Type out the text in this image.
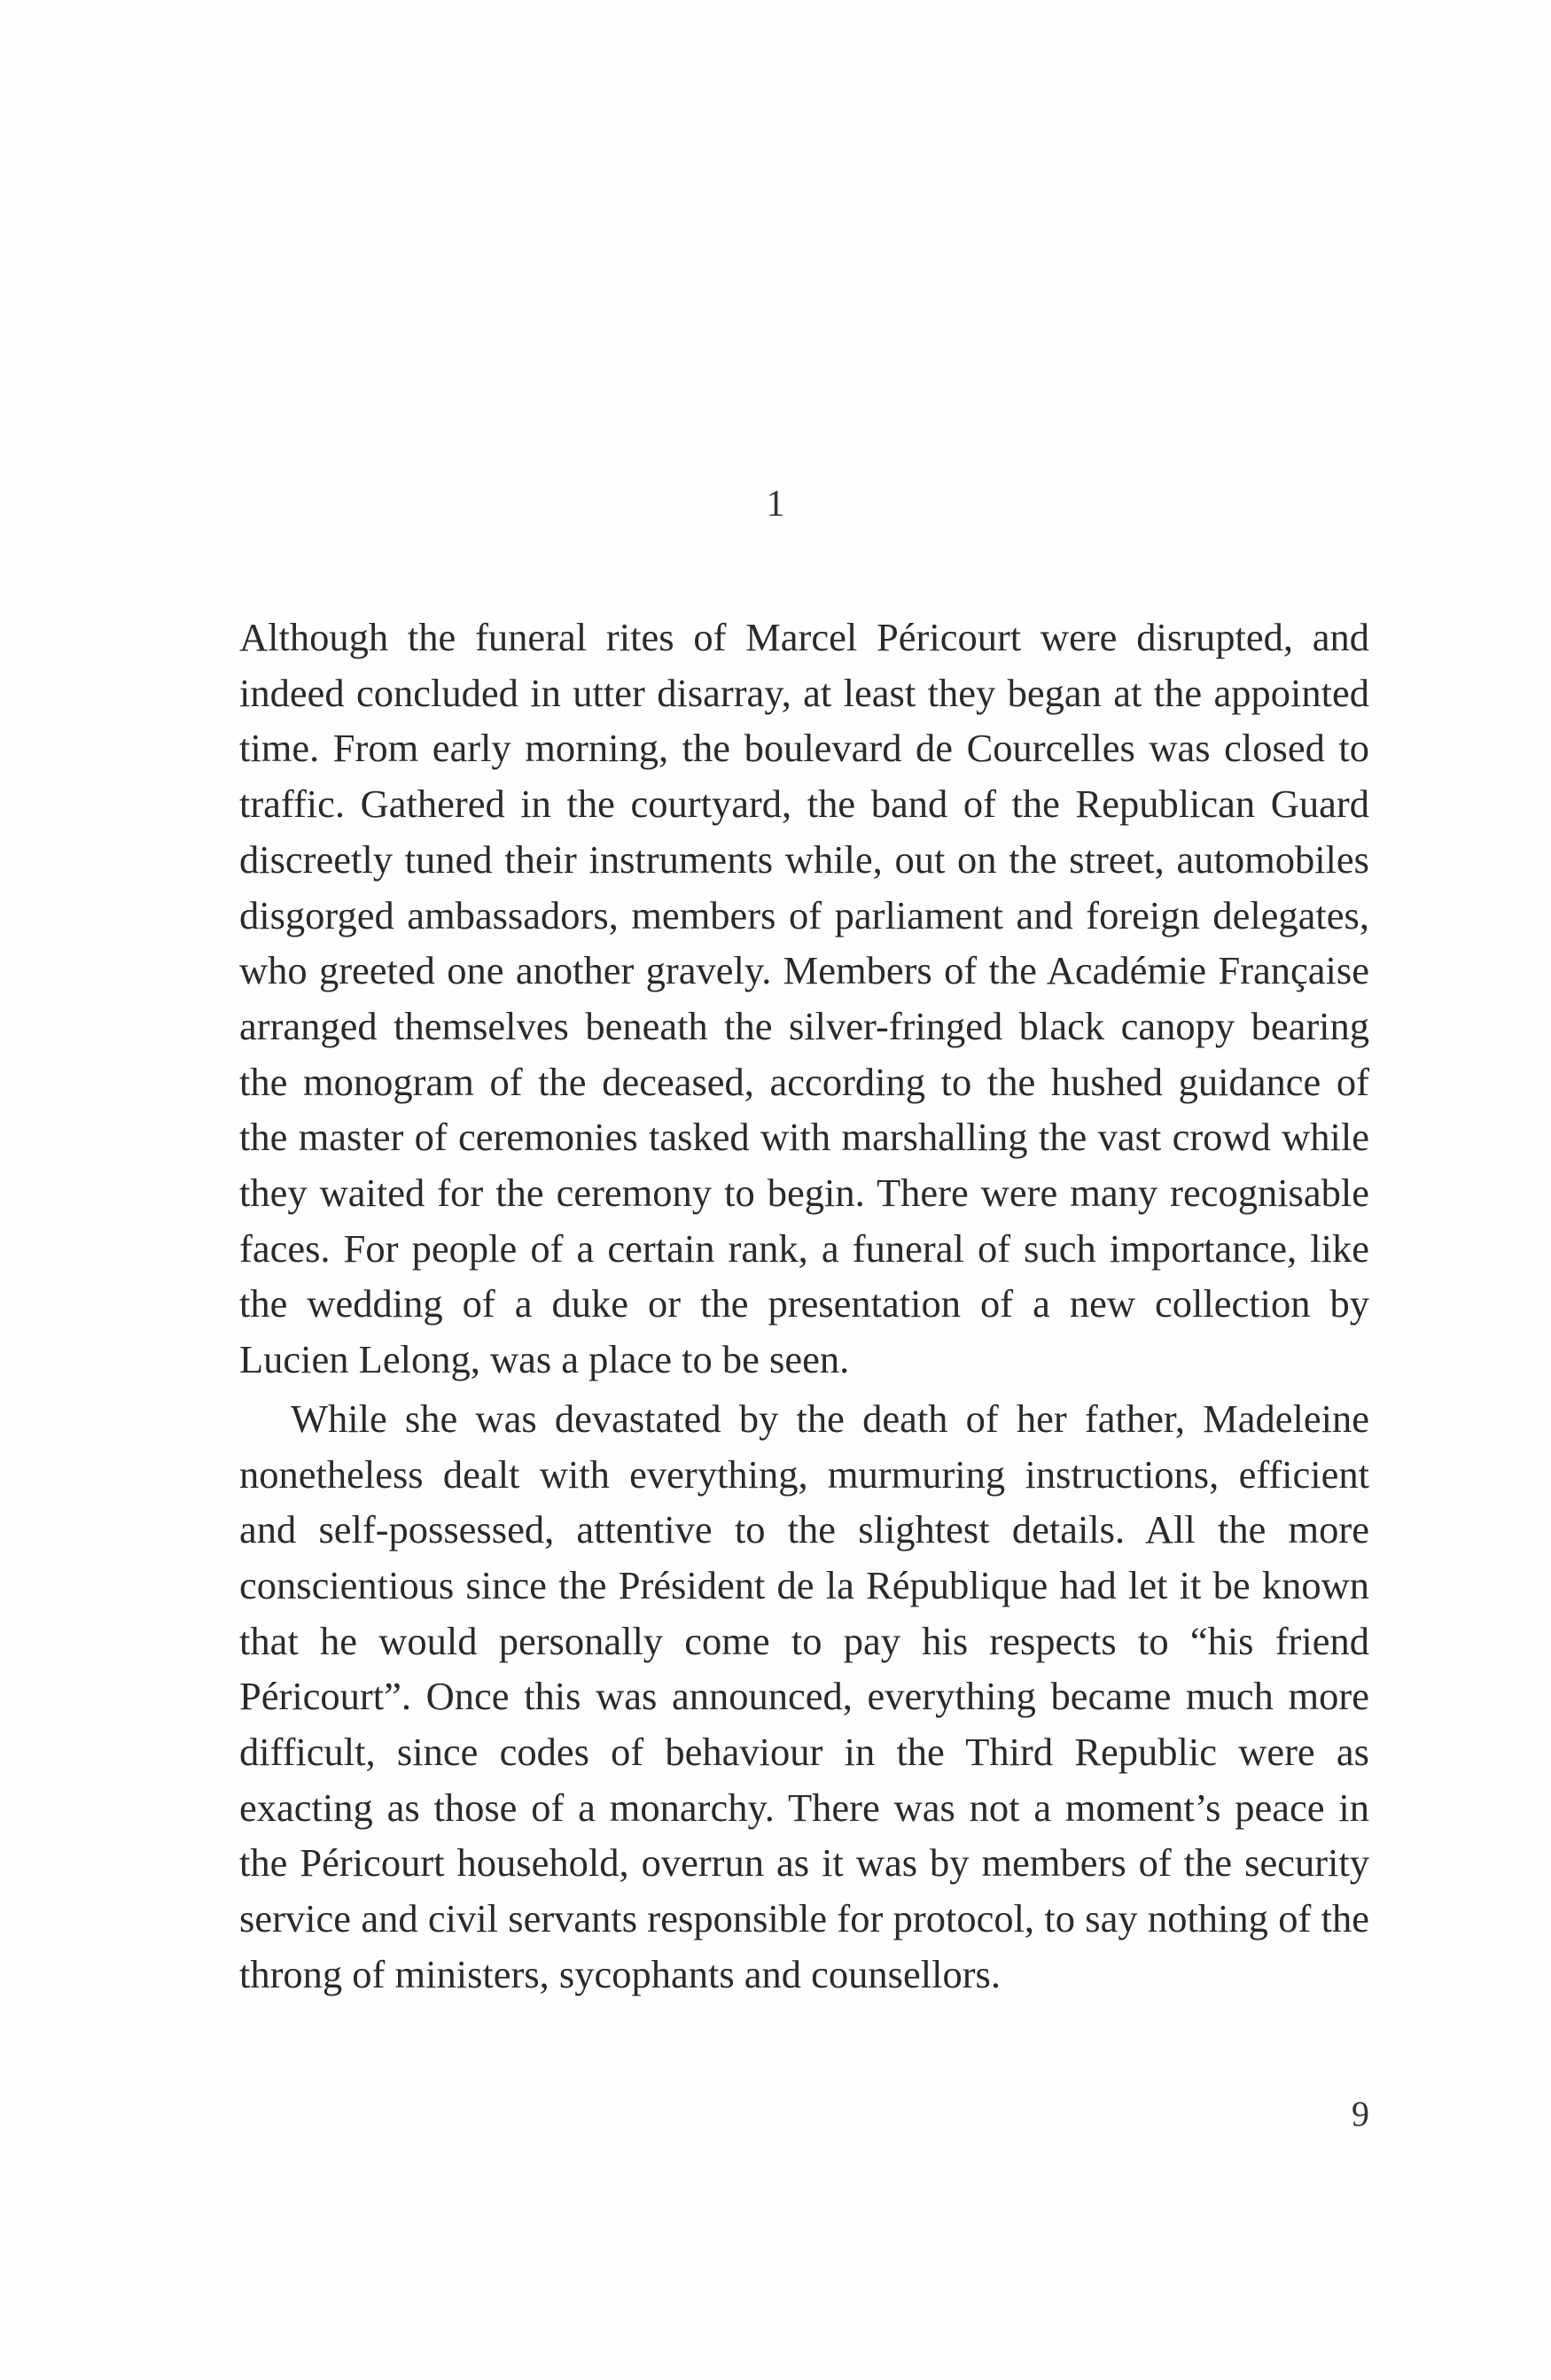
1

Although the funeral rites of Marcel Péricourt were disrupted, and indeed concluded in utter disarray, at least they began at the appointed time. From early morning, the boulevard de Courcelles was closed to traffic. Gathered in the courtyard, the band of the Republican Guard discreetly tuned their instruments while, out on the street, automobiles disgorged ambassadors, members of parliament and foreign delegates, who greeted one another gravely. Members of the Académie Française arranged themselves beneath the silver-fringed black canopy bearing the monogram of the deceased, according to the hushed guidance of the master of ceremonies tasked with marshalling the vast crowd while they waited for the ceremony to begin. There were many recognisable faces. For people of a certain rank, a funeral of such importance, like the wedding of a duke or the presentation of a new collection by Lucien Lelong, was a place to be seen.

While she was devastated by the death of her father, Madeleine nonetheless dealt with everything, murmuring instructions, efficient and self-possessed, attentive to the slightest details. All the more conscientious since the Président de la République had let it be known that he would personally come to pay his respects to “his friend Péricourt”. Once this was announced, everything became much more difficult, since codes of behaviour in the Third Republic were as exacting as those of a monarchy. There was not a moment’s peace in the Péricourt household, overrun as it was by members of the security service and civil servants responsible for protocol, to say nothing of the throng of ministers, sycophants and counsellors.

9
